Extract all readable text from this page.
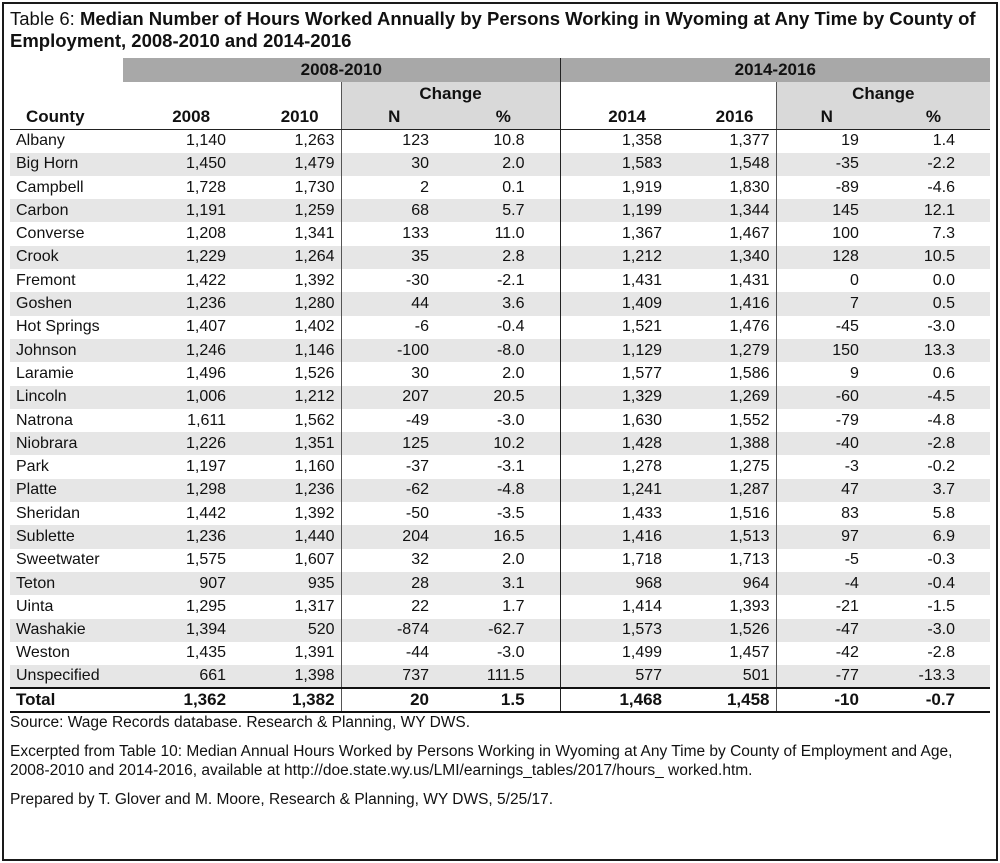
Table 6: Median Number of Hours Worked Annually by Persons Working in Wyoming at Any Time by County of Employment, 2008-2010 and 2014-2016
	2008-2010				2014-2016			
			Change				Change	
County	2008	2010	N	%	2014	2016	N	%
Albany	1,140	1,263	123	10.8	1,358	1,377	19	1.4
Big Horn	1,450	1,479	30	2.0	1,583	1,548	-35	-2.2
Campbell	1,728	1,730	2	0.1	1,919	1,830	-89	-4.6
Carbon	1,191	1,259	68	5.7	1,199	1,344	145	12.1
Converse	1,208	1,341	133	11.0	1,367	1,467	100	7.3
Crook	1,229	1,264	35	2.8	1,212	1,340	128	10.5
Fremont	1,422	1,392	-30	-2.1	1,431	1,431	0	0.0
Goshen	1,236	1,280	44	3.6	1,409	1,416	7	0.5
Hot Springs	1,407	1,402	-6	-0.4	1,521	1,476	-45	-3.0
Johnson	1,246	1,146	-100	-8.0	1,129	1,279	150	13.3
Laramie	1,496	1,526	30	2.0	1,577	1,586	9	0.6
Lincoln	1,006	1,212	207	20.5	1,329	1,269	-60	-4.5
Natrona	1,611	1,562	-49	-3.0	1,630	1,552	-79	-4.8
Niobrara	1,226	1,351	125	10.2	1,428	1,388	-40	-2.8
Park	1,197	1,160	-37	-3.1	1,278	1,275	-3	-0.2
Platte	1,298	1,236	-62	-4.8	1,241	1,287	47	3.7
Sheridan	1,442	1,392	-50	-3.5	1,433	1,516	83	5.8
Sublette	1,236	1,440	204	16.5	1,416	1,513	97	6.9
Sweetwater	1,575	1,607	32	2.0	1,718	1,713	-5	-0.3
Teton	907	935	28	3.1	968	964	-4	-0.4
Uinta	1,295	1,317	22	1.7	1,414	1,393	-21	-1.5
Washakie	1,394	520	-874	-62.7	1,573	1,526	-47	-3.0
Weston	1,435	1,391	-44	-3.0	1,499	1,457	-42	-2.8
Unspecified	661	1,398	737	111.5	577	501	-77	-13.3
Total	1,362	1,382	20	1.5	1,468	1,458	-10	-0.7

Source: Wage Records database. Research & Planning, WY DWS.

Excerpted from Table 10: Median Annual Hours Worked by Persons Working in Wyoming at Any Time by County of Employment and Age, 2008-2010 and 2014-2016, available at http://doe.state.wy.us/LMI/earnings_tables/2017/hours_ worked.htm.

Prepared by T. Glover and M. Moore, Research & Planning, WY DWS, 5/25/17.
